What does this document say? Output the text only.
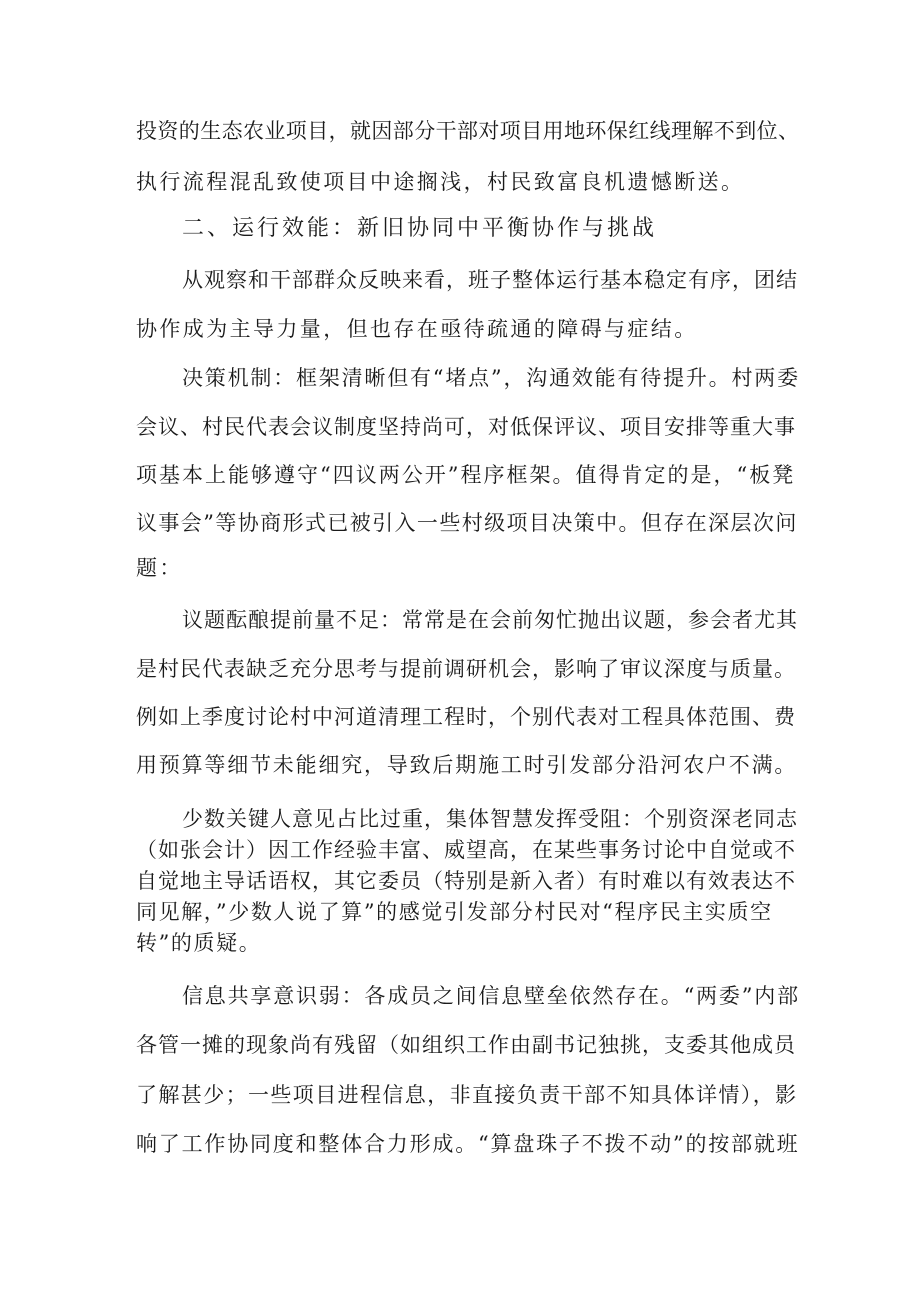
投资的生态农业项目，就因部分干部对项目用地环保红线理解不到位、
执行流程混乱致使项目中途搁浅，村民致富良机遗憾断送。
二、运行效能：新旧协同中平衡协作与挑战
从观察和干部群众反映来看，班子整体运行基本稳定有序，团结
协作成为主导力量，但也存在亟待疏通的障碍与症结。
决策机制：框架清晰但有“堵点”，沟通效能有待提升。村两委
会议、村民代表会议制度坚持尚可，对低保评议、项目安排等重大事
项基本上能够遵守“四议两公开”程序框架。值得肯定的是，“板凳
议事会”等协商形式已被引入一些村级项目决策中。但存在深层次问
题：
议题酝酿提前量不足：常常是在会前匆忙抛出议题，参会者尤其
是村民代表缺乏充分思考与提前调研机会，影响了审议深度与质量。
例如上季度讨论村中河道清理工程时，个别代表对工程具体范围、费
用预算等细节未能细究，导致后期施工时引发部分沿河农户不满。
少数关键人意见占比过重，集体智慧发挥受阻：个别资深老同志
（如张会计）因工作经验丰富、威望高，在某些事务讨论中自觉或不
自觉地主导话语权，其它委员（特别是新入者）有时难以有效表达不
同见解，”少数人说了算”的感觉引发部分村民对“程序民主实质空
转”的质疑。
信息共享意识弱：各成员之间信息壁垒依然存在。“两委”内部
各管一摊的现象尚有残留（如组织工作由副书记独挑，支委其他成员
了解甚少；一些项目进程信息，非直接负责干部不知具体详情），影
响了工作协同度和整体合力形成。“算盘珠子不拨不动”的按部就班
